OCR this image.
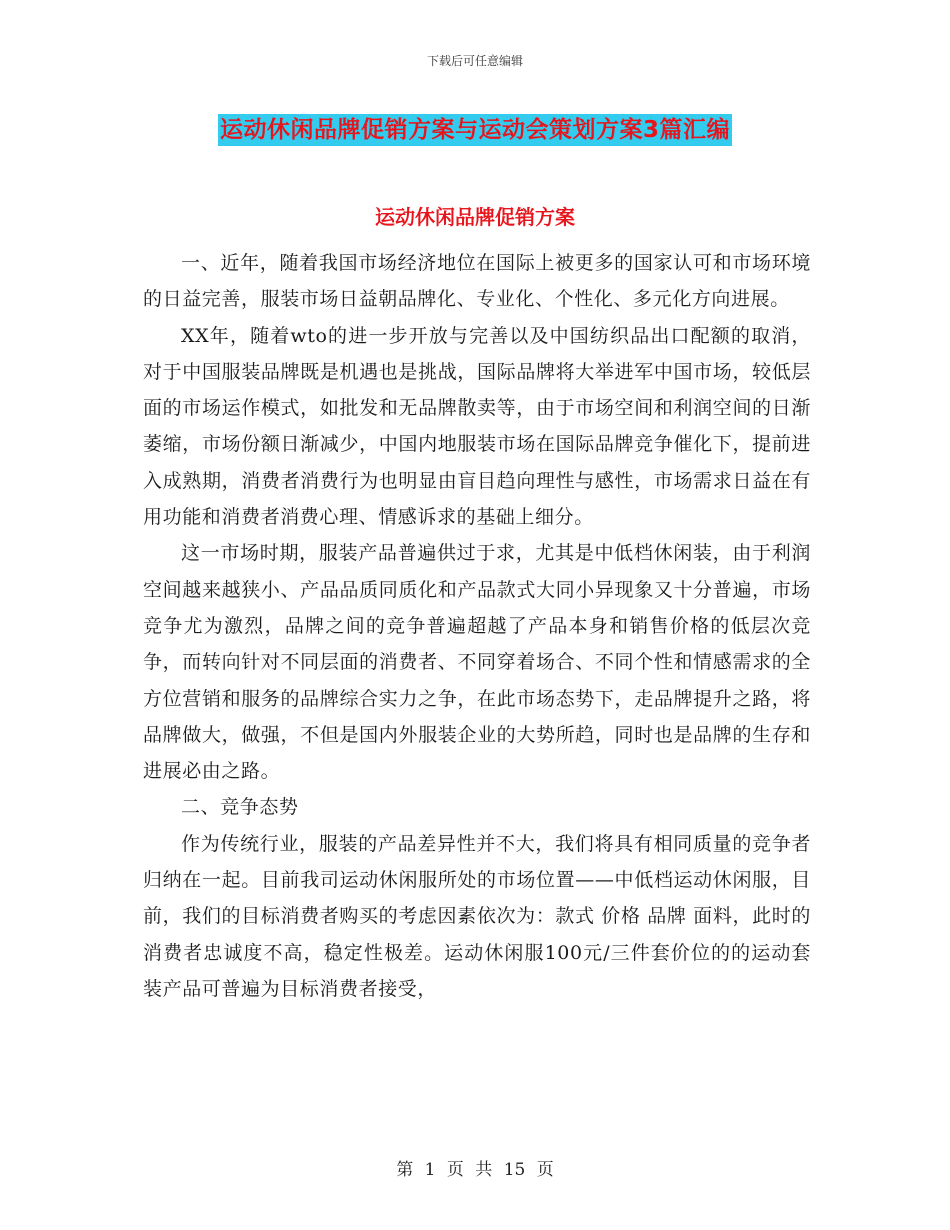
下载后可任意编辑
运动休闲品牌促销方案与运动会策划方案3篇汇编
运动休闲品牌促销方案

一、近年，随着我国市场经济地位在国际上被更多的国家认可和市场环境的日益完善，服装市场日益朝品牌化、专业化、个性化、多元化方向进展。

XX年，随着wto的进一步开放与完善以及中国纺织品出口配额的取消，对于中国服装品牌既是机遇也是挑战，国际品牌将大举进军中国市场，较低层面的市场运作模式，如批发和无品牌散卖等，由于市场空间和利润空间的日渐萎缩，市场份额日渐减少，中国内地服装市场在国际品牌竞争催化下，提前进入成熟期，消费者消费行为也明显由盲目趋向理性与感性，市场需求日益在有用功能和消费者消费心理、情感诉求的基础上细分。

这一市场时期，服装产品普遍供过于求，尤其是中低档休闲装，由于利润空间越来越狭小、产品品质同质化和产品款式大同小异现象又十分普遍，市场竞争尤为激烈，品牌之间的竞争普遍超越了产品本身和销售价格的低层次竞争，而转向针对不同层面的消费者、不同穿着场合、不同个性和情感需求的全方位营销和服务的品牌综合实力之争，在此市场态势下，走品牌提升之路，将品牌做大，做强，不但是国内外服装企业的大势所趋，同时也是品牌的生存和进展必由之路。

二、竞争态势

作为传统行业，服装的产品差异性并不大，我们将具有相同质量的竞争者归纳在一起。目前我司运动休闲服所处的市场位置——中低档运动休闲服，目前，我们的目标消费者购买的考虑因素依次为：款式 价格 品牌 面料，此时的消费者忠诚度不高，稳定性极差。运动休闲服100元/三件套价位的的运动套装产品可普遍为目标消费者接受，

第 1 页 共 15 页
